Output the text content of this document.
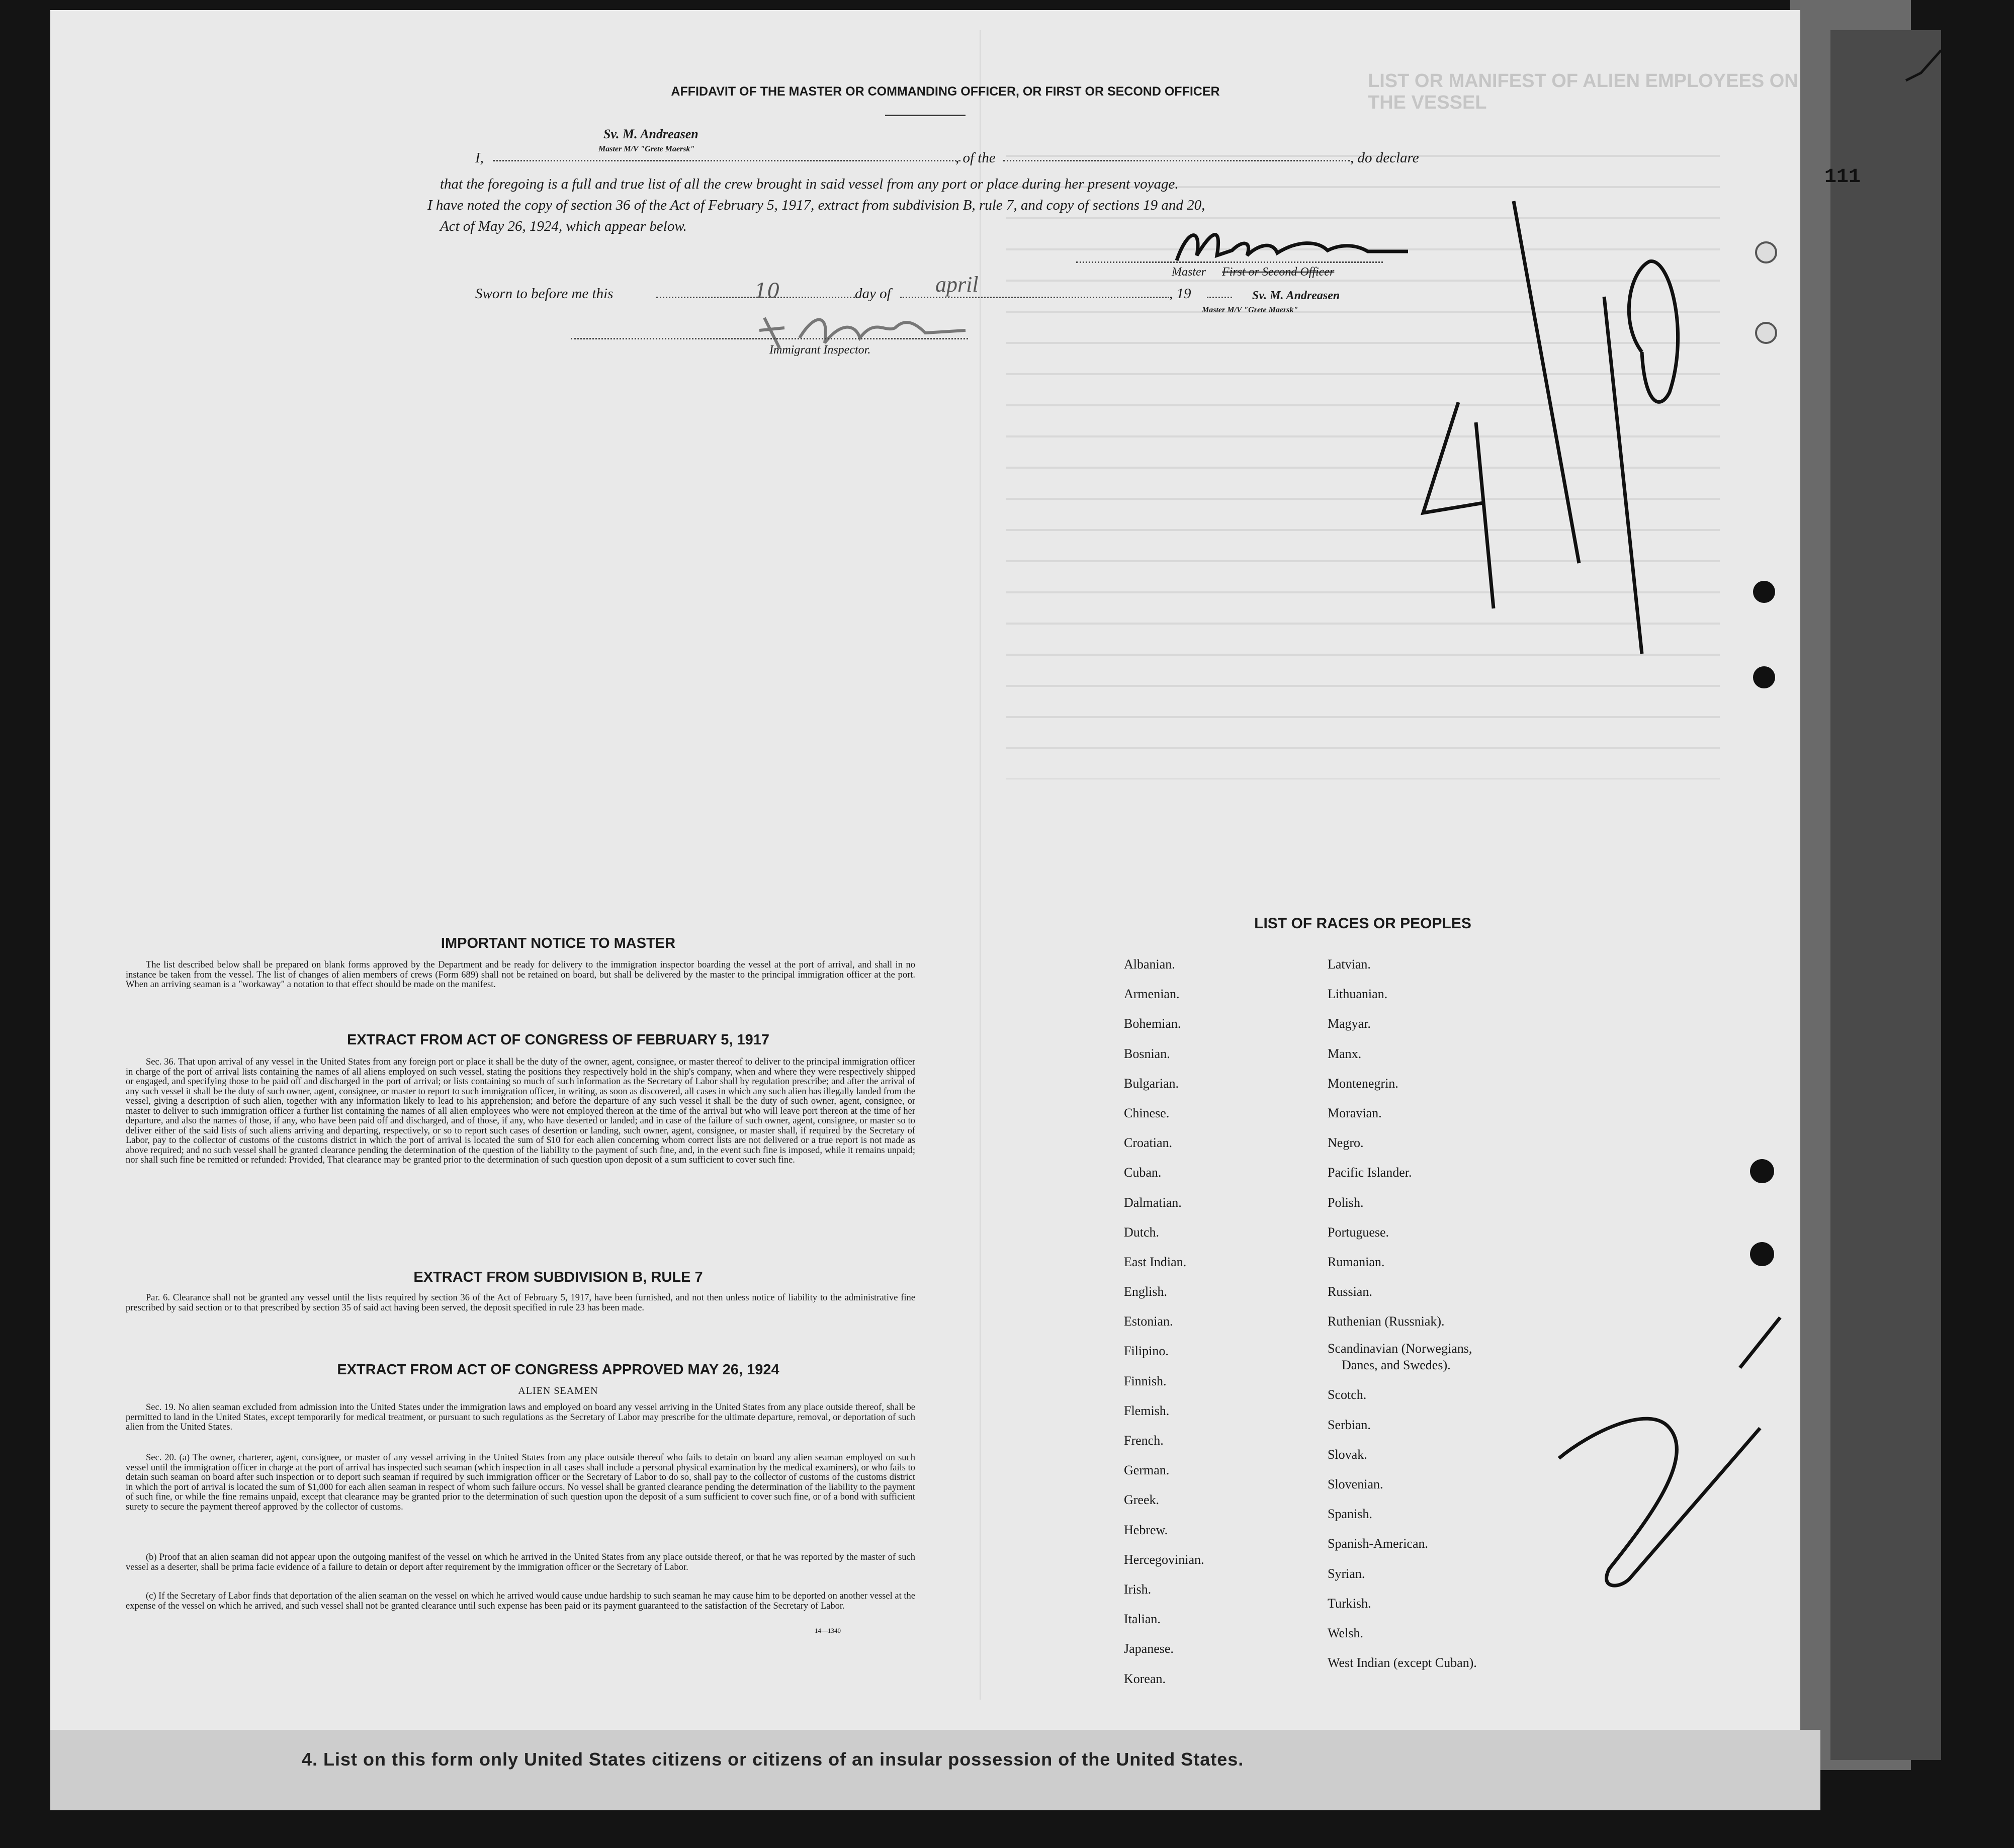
4. List on this form only United States citizens or citizens of an insular possession of the United States.
LIST OR MANIFEST OF ALIEN EMPLOYEES ON THE VESSEL
AFFIDAVIT OF THE MASTER OR COMMANDING OFFICER, OR FIRST OR SECOND OFFICER
Sv. M. Andreasen
Master M/V "Grete Maersk"
I,	, of the	, do declare
that the foregoing is a full and true list of all the crew brought in said vessel from any port or place during her present voyage.
I have noted the copy of section 36 of the Act of February 5, 1917, extract from subdivision B, rule 7, and copy of sections 19 and 20,
Act of May 26, 1924, which appear below.
Master First or Second Officer
Sworn to before me this	10	day of april	, 19	Sv. M. Andreasen
Master M/V "Grete Maersk"
Immigrant Inspector.
IMPORTANT NOTICE TO MASTER
The list described below shall be prepared on blank forms approved by the Department and be ready for delivery to the immigration inspector boarding the vessel at the port of arrival, and shall in no instance be taken from the vessel. The list of changes of alien members of crews (Form 689) shall not be retained on board, but shall be delivered by the master to the principal immigration officer at the port. When an arriving seaman is a "workaway" a notation to that effect should be made on the manifest.
EXTRACT FROM ACT OF CONGRESS OF FEBRUARY 5, 1917
Sec. 36. That upon arrival of any vessel in the United States from any foreign port or place it shall be the duty of the owner, agent, consignee, or master thereof to deliver to the principal immigration officer in charge of the port of arrival lists containing the names of all aliens employed on such vessel, stating the positions they respectively hold in the ship's company, when and where they were respectively shipped or engaged, and specifying those to be paid off and discharged in the port of arrival; or lists containing so much of such information as the Secretary of Labor shall by regulation prescribe; and after the arrival of any such vessel it shall be the duty of such owner, agent, consignee, or master to report to such immigration officer, in writing, as soon as discovered, all cases in which any such alien has illegally landed from the vessel, giving a description of such alien, together with any information likely to lead to his apprehension; and before the departure of any such vessel it shall be the duty of such owner, agent, consignee, or master to deliver to such immigration officer a further list containing the names of all alien employees who were not employed thereon at the time of the arrival but who will leave port thereon at the time of her departure, and also the names of those, if any, who have been paid off and discharged, and of those, if any, who have deserted or landed; and in case of the failure of such owner, agent, consignee, or master so to deliver either of the said lists of such aliens arriving and departing, respectively, or so to report such cases of desertion or landing, such owner, agent, consignee, or master shall, if required by the Secretary of Labor, pay to the collector of customs of the customs district in which the port of arrival is located the sum of $10 for each alien concerning whom correct lists are not delivered or a true report is not made as above required; and no such vessel shall be granted clearance pending the determination of the question of the liability to the payment of such fine, and, in the event such fine is imposed, while it remains unpaid; nor shall such fine be remitted or refunded: Provided, That clearance may be granted prior to the determination of such question upon deposit of a sum sufficient to cover such fine.
EXTRACT FROM SUBDIVISION B, RULE 7
Par. 6. Clearance shall not be granted any vessel until the lists required by section 36 of the Act of February 5, 1917, have been furnished, and not then unless notice of liability to the administrative fine prescribed by said section or to that prescribed by section 35 of said act having been served, the deposit specified in rule 23 has been made.
EXTRACT FROM ACT OF CONGRESS APPROVED MAY 26, 1924
ALIEN SEAMEN
Sec. 19. No alien seaman excluded from admission into the United States under the immigration laws and employed on board any vessel arriving in the United States from any place outside thereof, shall be permitted to land in the United States, except temporarily for medical treatment, or pursuant to such regulations as the Secretary of Labor may prescribe for the ultimate departure, removal, or deportation of such alien from the United States.
Sec. 20. (a) The owner, charterer, agent, consignee, or master of any vessel arriving in the United States from any place outside thereof who fails to detain on board any alien seaman employed on such vessel until the immigration officer in charge at the port of arrival has inspected such seaman (which inspection in all cases shall include a personal physical examination by the medical examiners), or who fails to detain such seaman on board after such inspection or to deport such seaman if required by such immigration officer or the Secretary of Labor to do so, shall pay to the collector of customs of the customs district in which the port of arrival is located the sum of $1,000 for each alien seaman in respect of whom such failure occurs. No vessel shall be granted clearance pending the determination of the liability to the payment of such fine, or while the fine remains unpaid, except that clearance may be granted prior to the determination of such question upon the deposit of a sum sufficient to cover such fine, or of a bond with sufficient surety to secure the payment thereof approved by the collector of customs.
(b) Proof that an alien seaman did not appear upon the outgoing manifest of the vessel on which he arrived in the United States from any place outside thereof, or that he was reported by the master of such vessel as a deserter, shall be prima facie evidence of a failure to detain or deport after requirement by the immigration officer or the Secretary of Labor.
(c) If the Secretary of Labor finds that deportation of the alien seaman on the vessel on which he arrived would cause undue hardship to such seaman he may cause him to be deported on another vessel at the expense of the vessel on which he arrived, and such vessel shall not be granted clearance until such expense has been paid or its payment guaranteed to the satisfaction of the Secretary of Labor.
14—1340
LIST OF RACES OR PEOPLES
Albanian.
Armenian.
Bohemian.
Bosnian.
Bulgarian.
Chinese.
Croatian.
Cuban.
Dalmatian.
Dutch.
East Indian.
English.
Estonian.
Filipino.
Finnish.
Flemish.
French.
German.
Greek.
Hebrew.
Hercegovinian.
Irish.
Italian.
Japanese.
Korean.
Latvian.
Lithuanian.
Magyar.
Manx.
Montenegrin.
Moravian.
Negro.
Pacific Islander.
Polish.
Portuguese.
Rumanian.
Russian.
Ruthenian (Russniak).
Scandinavian (Norwegians,
Danes, and Swedes).
Scotch.
Serbian.
Slovak.
Slovenian.
Spanish.
Spanish-American.
Syrian.
Turkish.
Welsh.
West Indian (except Cuban).
111
